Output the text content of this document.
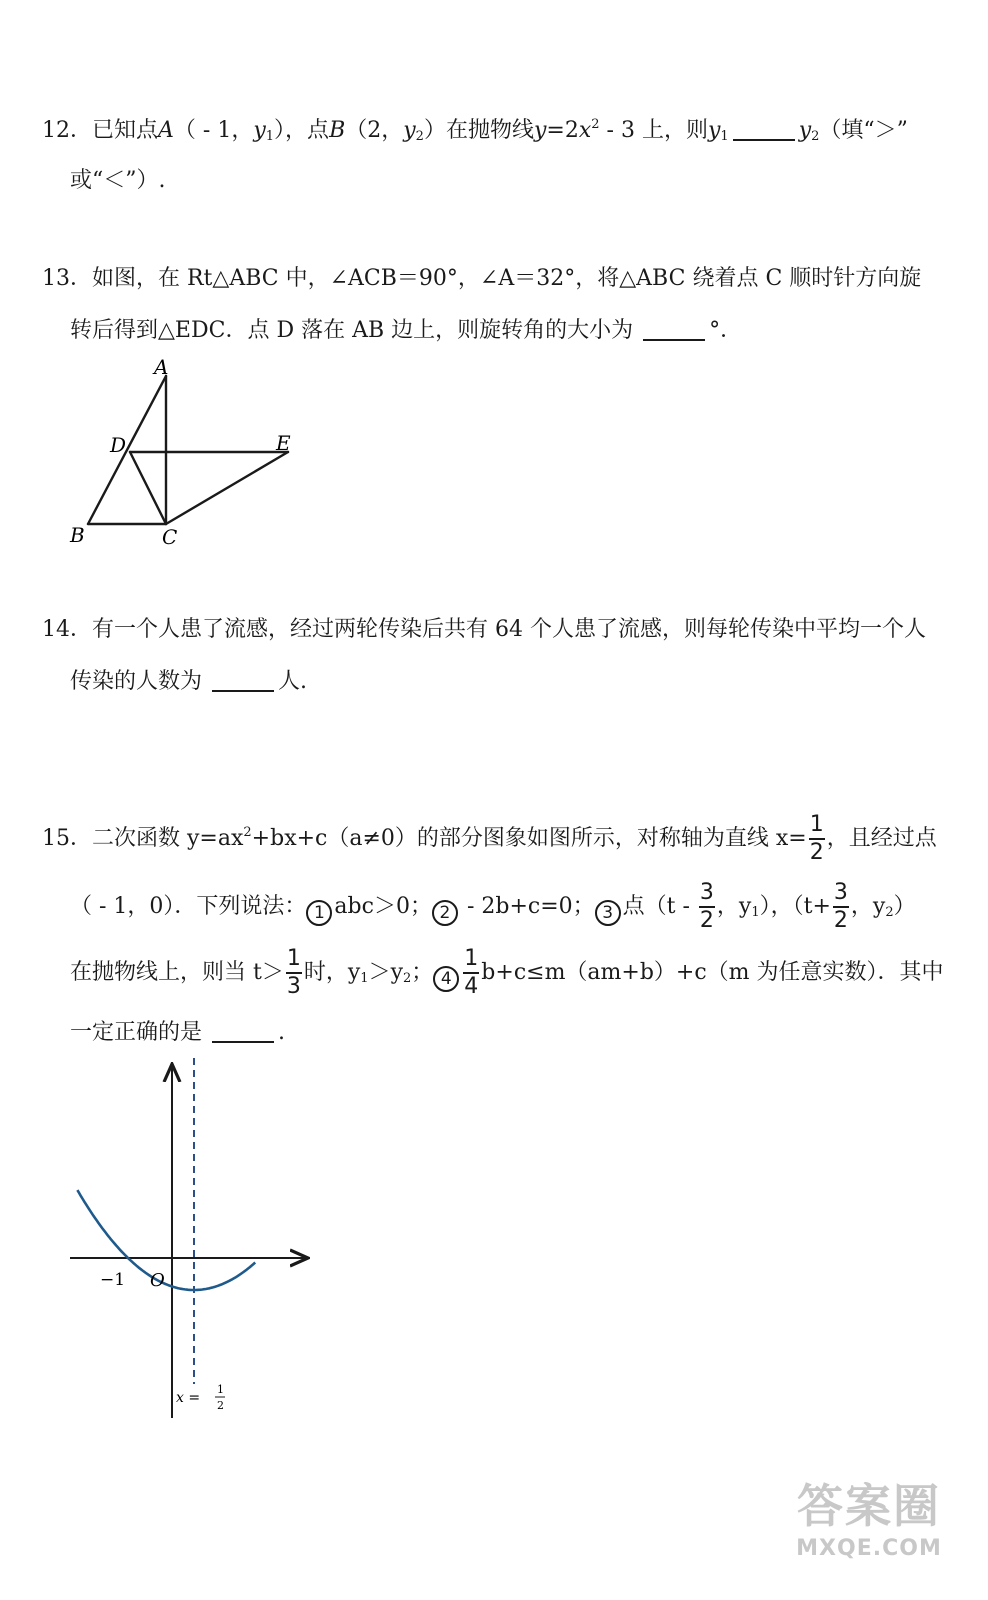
12．已知点A（ - 1，$y_1$），点B（2，$y_2$）在抛物线$y=2x^2 - 3$ 上，则$y_1$	$y_2$（填“＞”
或“＜”）.
13．如图，在 Rt△ABC 中，∠ACB＝90°，∠A＝32°，将△ABC 绕着点 C 顺时针方向旋
转后得到△EDC．点 D 落在 AB 边上，则旋转角的大小为	°．
A
D	E
B	C
14．有一个人患了流感，经过两轮传染后共有 64 个人患了流感，则每轮传染中平均一个人
传染的人数为	人.
15．二次函数 $y=ax^2+bx+c(a\ne 0)$的部分图象如图所示，对称轴为直线 $x= \frac{1}{2}$ ，且经过点
（ - 1，0）．下列说法： 1 abc＞0； 2 - 2b+c=0； 3 点（$t - \frac{3}{2}$ ，$y_1$），（$t+ \frac{3}{2}$ ，$y_2$）
在抛物线上，则当 $t> \frac{1}{3}$ 时，$y_1>y_2$； $4 \frac{1}{4} b+c\le m(am+b)+c(m$ 为任意实数）．其中
一定正确的是	.
−1 O
x =
1
2
答案圈
MXQE.COM
